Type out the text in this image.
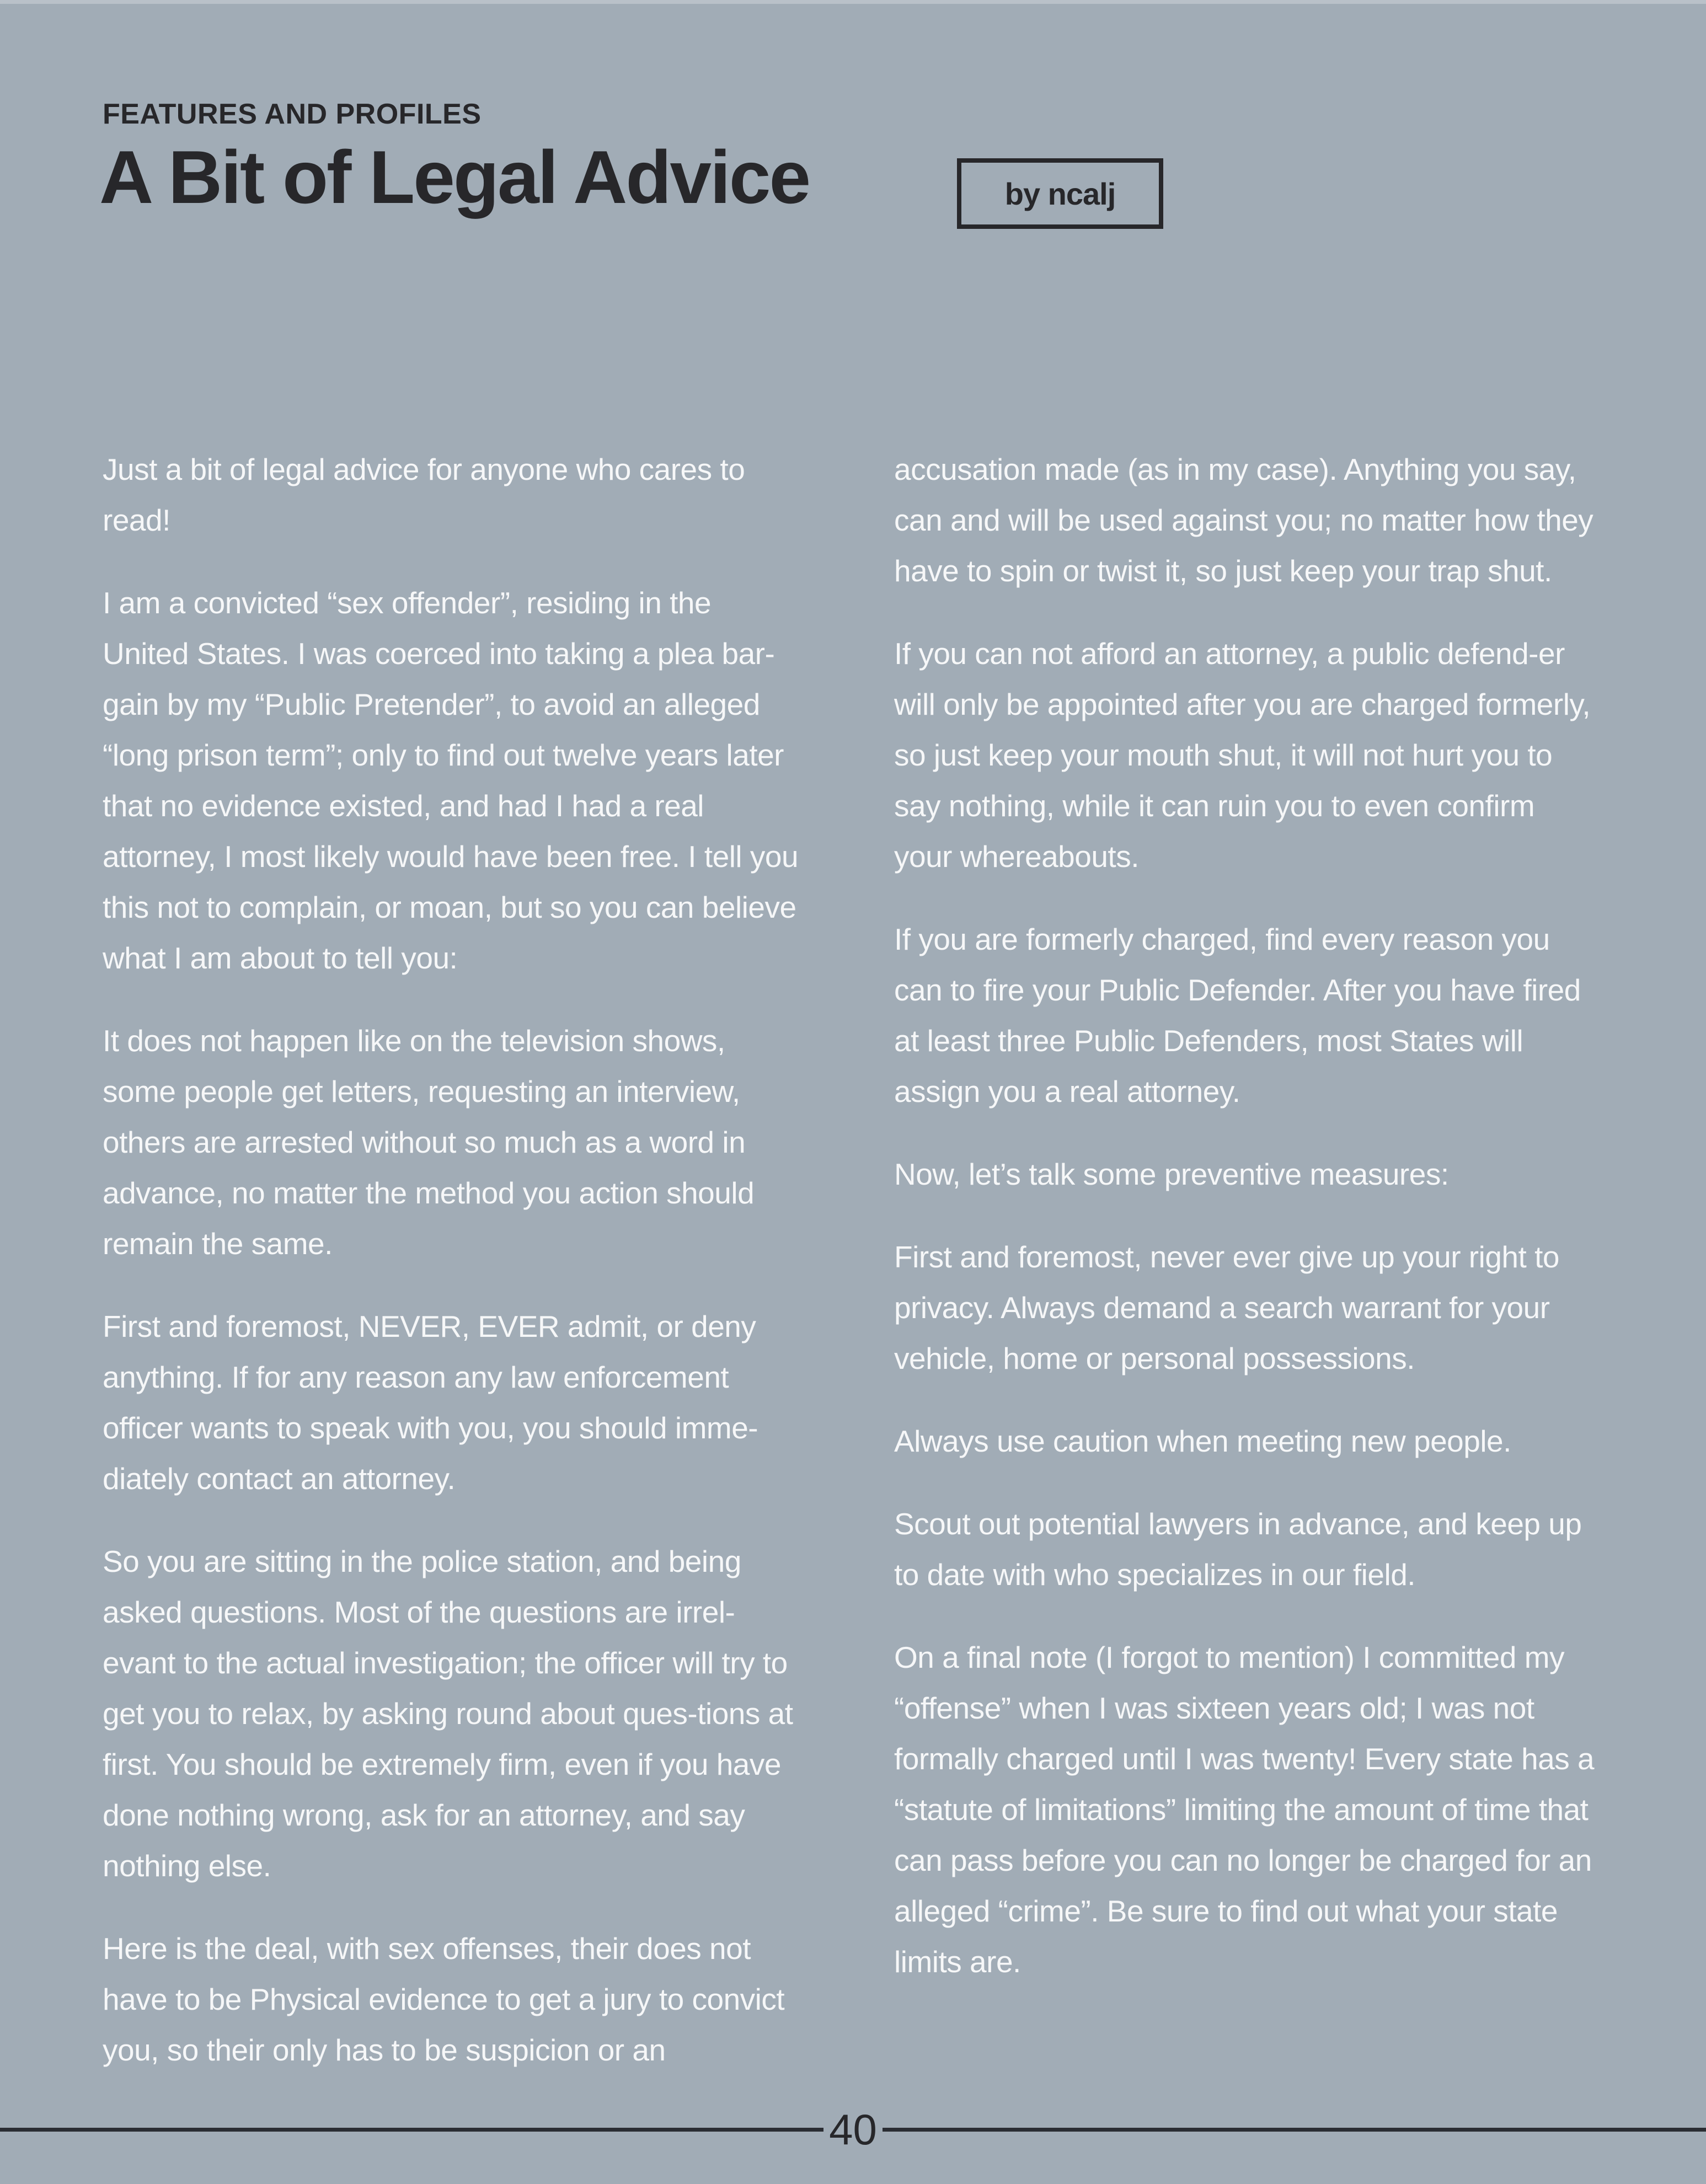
FEATURES AND PROFILES
A Bit of Legal Advice	by ncalj

Just a bit of legal advice for anyone who cares to read!

I am a convicted “sex offender”, residing in the United States. I was coerced into taking a plea bar-gain by my “Public Pretender”, to avoid an alleged “long prison term”; only to find out twelve years later that no evidence existed, and had I had a real attorney, I most likely would have been free. I tell you this not to complain, or moan, but so you can believe what I am about to tell you:

It does not happen like on the television shows, some people get letters, requesting an interview, others are arrested without so much as a word in advance, no matter the method you action should remain the same.

First and foremost, NEVER, EVER admit, or deny anything. If for any reason any law enforcement officer wants to speak with you, you should imme-diately contact an attorney.

So you are sitting in the police station, and being asked questions. Most of the questions are irrel-evant to the actual investigation; the officer will try to get you to relax, by asking round about ques-tions at first. You should be extremely firm, even if you have done nothing wrong, ask for an attorney, and say nothing else.

Here is the deal, with sex offenses, their does not have to be Physical evidence to get a jury to convict you, so their only has to be suspicion or an

accusation made (as in my case). Anything you say, can and will be used against you; no matter how they have to spin or twist it, so just keep your trap shut.

If you can not afford an attorney, a public defend-er will only be appointed after you are charged formerly, so just keep your mouth shut, it will not hurt you to say nothing, while it can ruin you to even confirm your whereabouts.

If you are formerly charged, find every reason you can to fire your Public Defender. After you have fired at least three Public Defenders, most States will assign you a real attorney.

Now, let’s talk some preventive measures:

First and foremost, never ever give up your right to privacy. Always demand a search warrant for your vehicle, home or personal possessions.

Always use caution when meeting new people.

Scout out potential lawyers in advance, and keep up to date with who specializes in our field.

On a final note (I forgot to mention) I committed my “offense” when I was sixteen years old; I was not formally charged until I was twenty! Every state has a “statute of limitations” limiting the amount of time that can pass before you can no longer be charged for an alleged “crime”. Be sure to find out what your state limits are.

40
